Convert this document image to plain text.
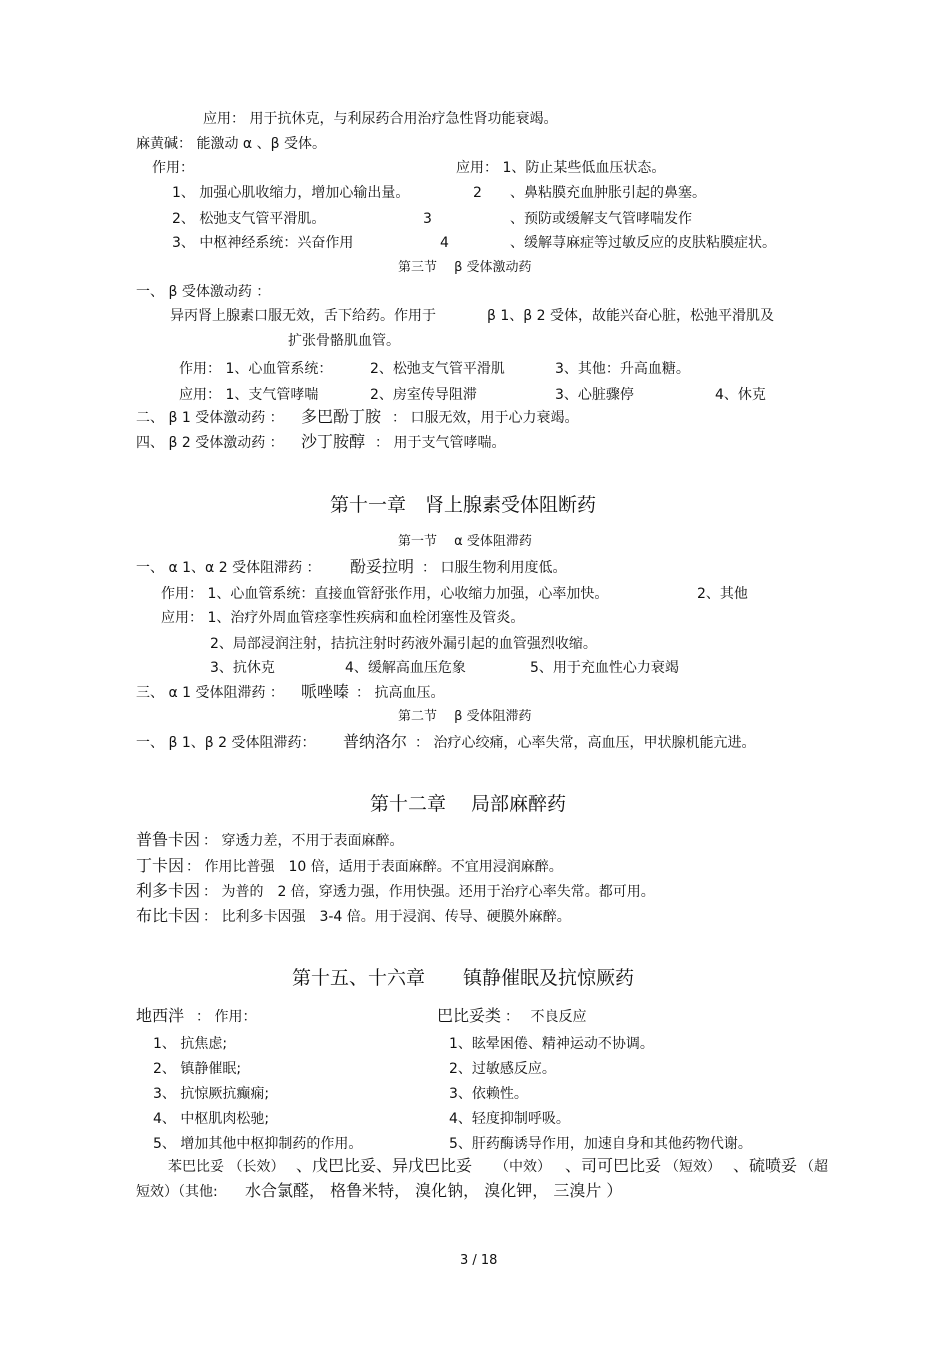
应用： 用于抗休克，与利尿药合用治疗急性肾功能衰竭。
麻黄碱： 能激动 α 、β 受体。
作用：	应用： 1、防止某些低血压状态。
1、 加强心肌收缩力，增加心输出量。	2 、鼻粘膜充血肿胀引起的鼻塞。
2、 松弛支气管平滑肌。	3	、预防或缓解支气管哮喘发作
3、 中枢神经系统：兴奋作用	4	、缓解荨麻症等过敏反应的皮肤粘膜症状。
第三节　 β 受体激动药
一、 β 受体激动药 ：
异丙肾上腺素口服无效，舌下给药。作用于	β 1、β 2 受体，故能兴奋心脏，松弛平滑肌及
扩张骨骼肌血管。
作用： 1、心血管系统：	2、松弛支气管平滑肌	3、其他：升高血糖。
应用： 1、支气管哮喘	2、房室传导阻滞	3、心脏骤停	4、休克
二、 β 1 受体激动药 ： 多巴酚丁胺 ： 口服无效，用于心力衰竭。
四、 β 2 受体激动药 ： 沙丁胺醇 ： 用于支气管哮喘。
第十一章　肾上腺素受体阻断药
第一节　 α 受体阻滞药
一、 α 1、α 2 受体阻滞药 ： 酚妥拉明 ： 口服生物利用度低。
作用： 1、心血管系统：直接血管舒张作用，心收缩力加强，心率加快。	2、其他
应用： 1、治疗外周血管痉挛性疾病和血栓闭塞性及管炎。
2、局部浸润注射，拮抗注射时药液外漏引起的血管强烈收缩。
3、抗休克	4、缓解高血压危象	5、用于充血性心力衰竭
三、 α 1 受体阻滞药 ： 哌唑嗪 ： 抗高血压。
第二节　 β 受体阻滞药
一、 β 1、β 2 受体阻滞药： 普纳洛尔 ： 治疗心绞痛，心率失常，高血压，甲状腺机能亢进。
第十二章　 局部麻醉药
普鲁卡因 ： 穿透力差，不用于表面麻醉。
丁卡因 ： 作用比普强　10 倍，适用于表面麻醉。不宜用浸润麻醉。
利多卡因 ： 为普的　2 倍，穿透力强，作用快强。还用于治疗心率失常。都可用。
布比卡因 ： 比利多卡因强　3-4 倍。用于浸润、传导、硬膜外麻醉。
第十五、十六章　　镇静催眠及抗惊厥药
地西泮 ： 作用：	巴比妥类 ：　 不良反应
1、 抗焦虑;	1、眩晕困倦、精神运动不协调。
2、 镇静催眠;	2、过敏感反应。
3、 抗惊厥抗癫痫;	3、依赖性。
4、 中枢肌肉松驰;	4、轻度抑制呼吸。
5、 增加其他中枢抑制药的作用。	5、肝药酶诱导作用，加速自身和其他药物代谢。
苯巴比妥 （长效） 、戊巴比妥、异戊巴比妥 （中效） 、司可巴比妥 （短效） 、硫喷妥 （超
短效）（其他: 水合氯醛， 格鲁米特， 溴化钠， 溴化钾， 三溴片 ）
3 / 18
